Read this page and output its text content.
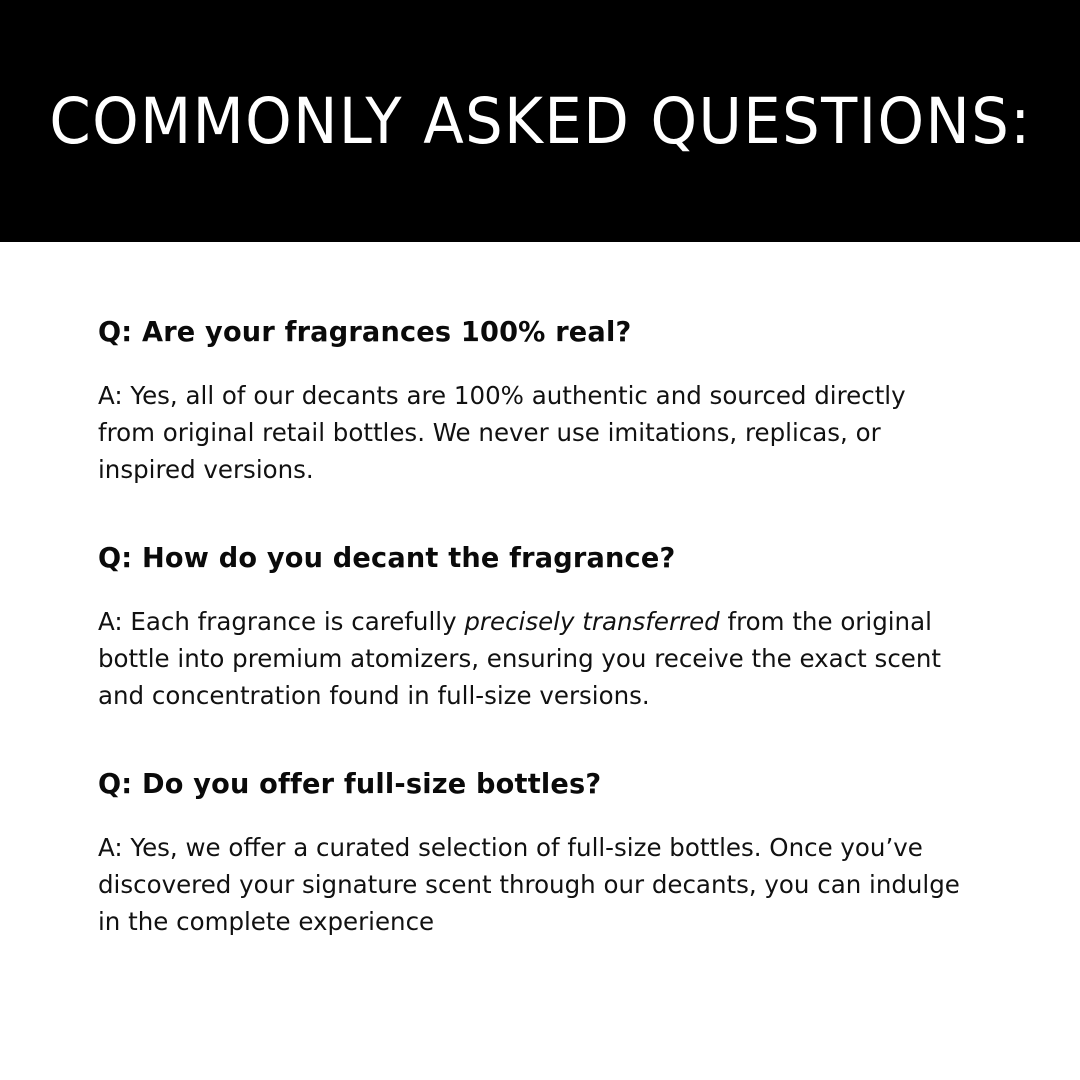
COMMONLY ASKED QUESTIONS:

Q: Are your fragrances 100% real?

A: Yes, all of our decants are 100% authentic and sourced directly from original retail bottles. We never use imitations, replicas, or inspired versions.

Q: How do you decant the fragrance?

A: Each fragrance is carefully precisely transferred from the original bottle into premium atomizers, ensuring you receive the exact scent and concentration found in full-size versions.

Q: Do you offer full-size bottles?

A: Yes, we offer a curated selection of full-size bottles. Once you’ve discovered your signature scent through our decants, you can indulge in the complete experience
